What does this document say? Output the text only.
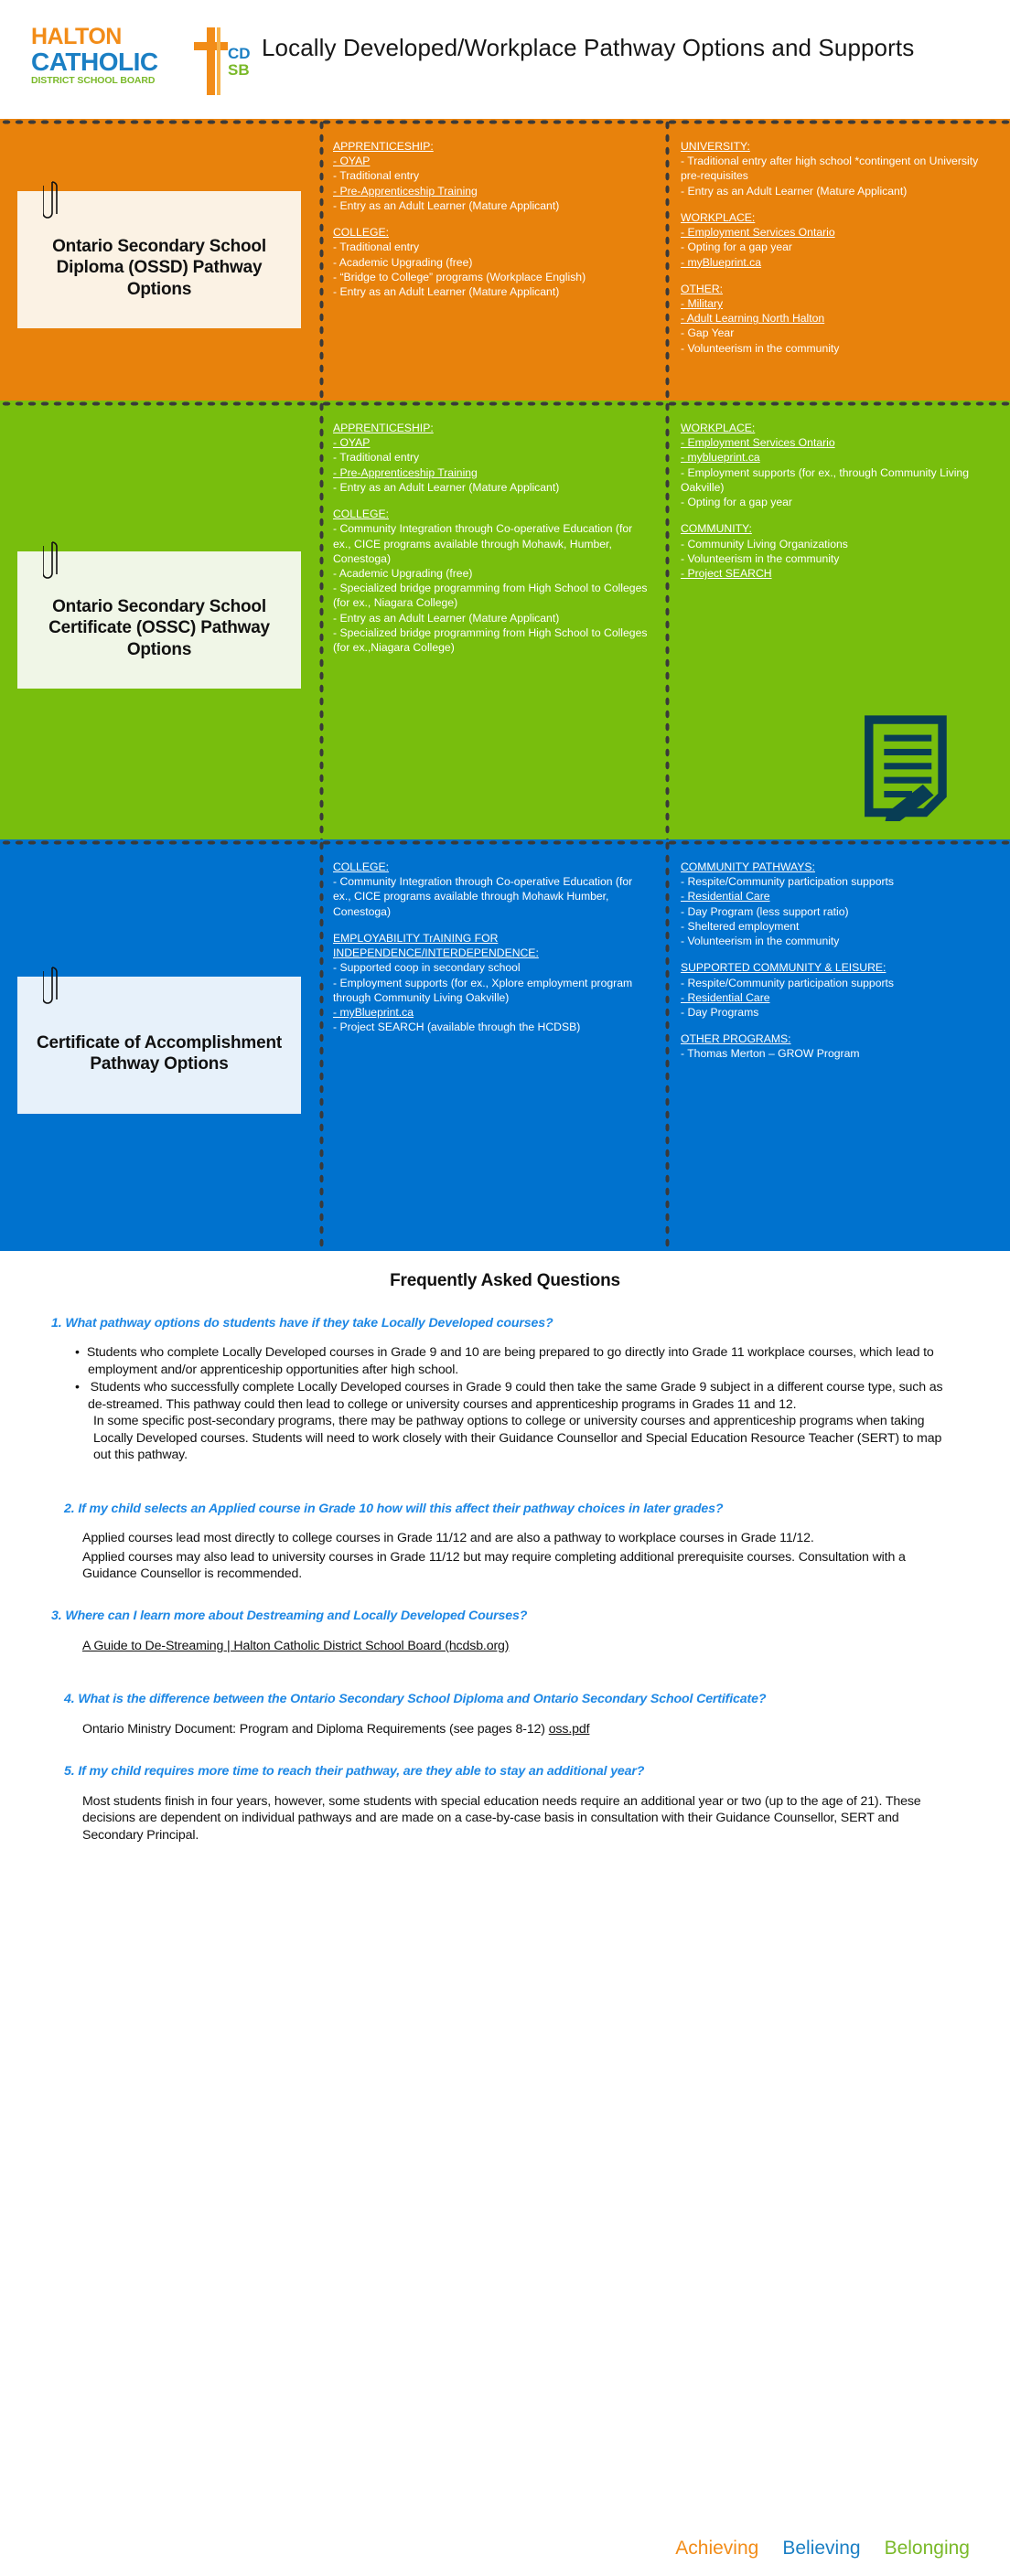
HALTON
CATHOLIC
DISTRICT SCHOOL BOARD
CD
SB
Locally Developed/Workplace Pathway Options and Supports
Ontario Secondary School Diploma (OSSD) Pathway Options
APPRENTICESHIP:
- OYAP
- Traditional entry
- Pre-Apprenticeship Training
- Entry as an Adult Learner (Mature Applicant)
COLLEGE:
- Traditional entry
- Academic Upgrading (free)
- “Bridge to College” programs (Workplace English)
- Entry as an Adult Learner (Mature Applicant)
UNIVERSITY:
- Traditional entry after high school *contingent on University pre-requisites
- Entry as an Adult Learner (Mature Applicant)
WORKPLACE:
- Employment Services Ontario
- Opting for a gap year
- myBlueprint.ca
OTHER:
- Military
- Adult Learning North Halton
- Gap Year
- Volunteerism in the community
Ontario Secondary School Certificate (OSSC) Pathway Options
APPRENTICESHIP:
- OYAP
- Traditional entry
- Pre-Apprenticeship Training
- Entry as an Adult Learner (Mature Applicant)
COLLEGE:
- Community Integration through Co-operative Education (for ex., CICE programs available through Mohawk, Humber, Conestoga)
- Academic Upgrading (free)
- Specialized bridge programming from High School to Colleges (for ex., Niagara College)
- Entry as an Adult Learner (Mature Applicant)
- Specialized bridge programming from High School to Colleges (for ex.,Niagara College)
WORKPLACE:
- Employment Services Ontario
- myblueprint.ca
- Employment supports (for ex., through Community Living Oakville)
- Opting for a gap year
COMMUNITY:
- Community Living Organizations
- Volunteerism in the community
- Project SEARCH
Certificate of Accomplishment Pathway Options
COLLEGE:
- Community Integration through Co-operative Education (for ex., CICE programs available through Mohawk Humber, Conestoga)
EMPLOYABILITY TrAINING FOR INDEPENDENCE/INTERDEPENDENCE:
- Supported coop in secondary school
- Employment supports (for ex., Xplore employment program through Community Living Oakville)
- myBlueprint.ca
- Project SEARCH (available through the HCDSB)
COMMUNITY PATHWAYS:
- Respite/Community participation supports
- Residential Care
- Day Program (less support ratio)
- Sheltered employment
- Volunteerism in the community
SUPPORTED COMMUNITY & LEISURE:
- Respite/Community participation supports
- Residential Care
- Day Programs
OTHER PROGRAMS:
- Thomas Merton – GROW Program
Frequently Asked Questions
1. What pathway options do students have if they take Locally Developed courses?
• Students who complete Locally Developed courses in Grade 9 and 10 are being prepared to go directly into Grade 11 workplace courses, which lead to employment and/or apprenticeship opportunities after high school.
• Students who successfully complete Locally Developed courses in Grade 9 could then take the same Grade 9 subject in a different course type, such as de-streamed. This pathway could then lead to college or university courses and apprenticeship programs in Grades 11 and 12.
In some specific post-secondary programs, there may be pathway options to college or university courses and apprenticeship programs when taking Locally Developed courses. Students will need to work closely with their Guidance Counsellor and Special Education Resource Teacher (SERT) to map out this pathway.
2. If my child selects an Applied course in Grade 10 how will this affect their pathway choices in later grades?
Applied courses lead most directly to college courses in Grade 11/12 and are also a pathway to workplace courses in Grade 11/12.
Applied courses may also lead to university courses in Grade 11/12 but may require completing additional prerequisite courses. Consultation with a Guidance Counsellor is recommended.
3. Where can I learn more about Destreaming and Locally Developed Courses?
A Guide to De-Streaming | Halton Catholic District School Board (hcdsb.org)
4. What is the difference between the Ontario Secondary School Diploma and Ontario Secondary School Certificate?
Ontario Ministry Document: Program and Diploma Requirements (see pages 8-12) oss.pdf
5. If my child requires more time to reach their pathway, are they able to stay an additional year?
Most students finish in four years, however, some students with special education needs require an additional year or two (up to the age of 21). These decisions are dependent on individual pathways and are made on a case-by-case basis in consultation with their Guidance Counsellor, SERT and Secondary Principal.
Achieving Believing Belonging
